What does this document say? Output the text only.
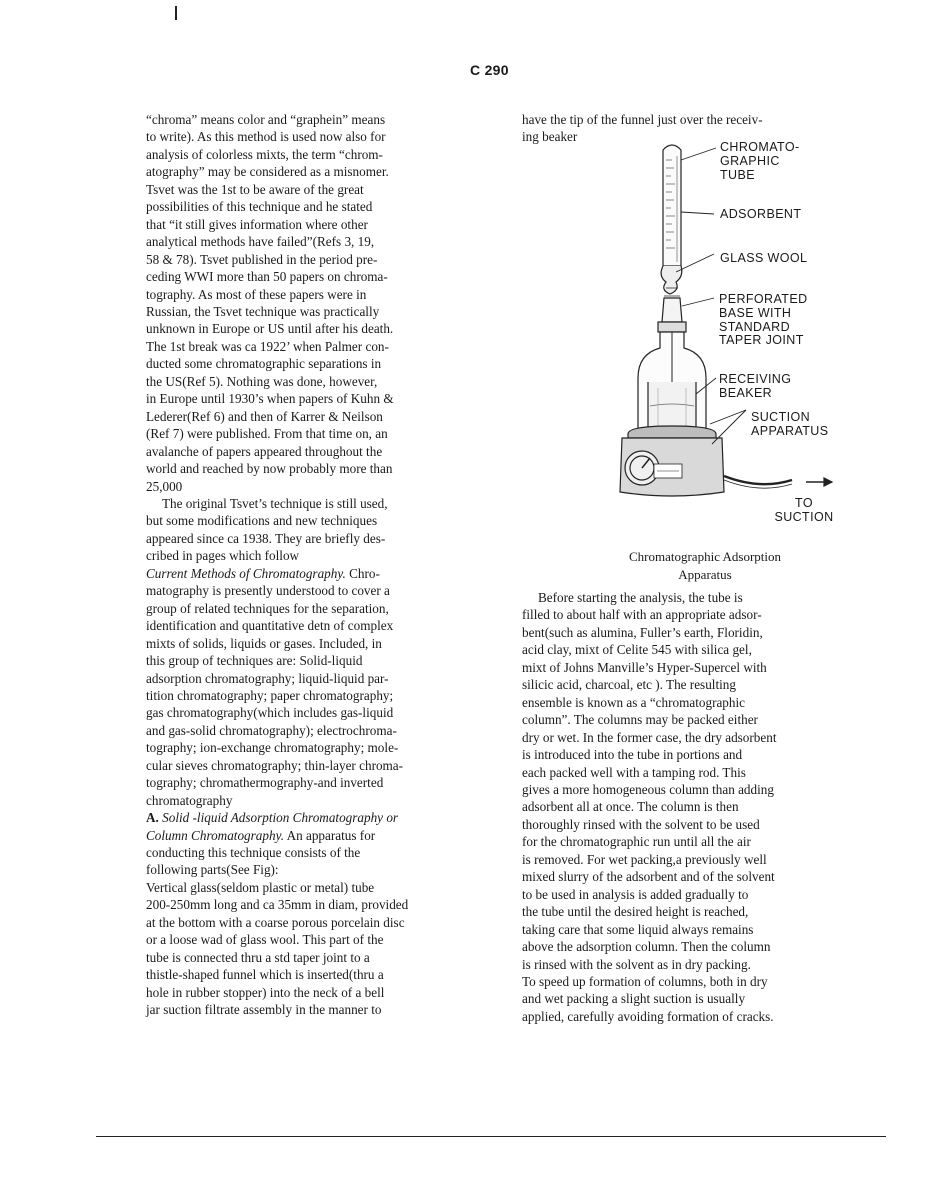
C 290
“chroma” means color and “graphein” means
to write). As this method is used now also for
analysis of colorless mixts, the term “chrom-
atography” may be considered as a misnomer.
Tsvet was the 1st to be aware of the great
possibilities of this technique and he stated
that “it still gives information where other
analytical methods have failed”(Refs 3, 19,
58 & 78). Tsvet published in the period pre-
ceding WWI more than 50 papers on chroma-
tography. As most of these papers were in
Russian, the Tsvet technique was practically
unknown in Europe or US until after his death.
The 1st break was ca 1922’ when Palmer con-
ducted some chromatographic separations in
the US(Ref 5). Nothing was done, however,
in Europe until 1930’s when papers of Kuhn &
Lederer(Ref 6) and then of Karrer & Neilson
(Ref 7) were published. From that time on, an
avalanche of papers appeared throughout the
world and reached by now probably more than
25,000
The original Tsvet’s technique is still used,
but some modifications and new techniques
appeared since ca 1938. They are briefly des-
cribed in pages which follow
Current Methods of Chromatography. Chro-
matography is presently understood to cover a
group of related techniques for the separation,
identification and quantitative detn of complex
mixts of solids, liquids or gases. Included, in
this group of techniques are: Solid-liquid
adsorption chromatography; liquid-liquid par-
tition chromatography; paper chromatography;
gas chromatography(which includes gas-liquid
and gas-solid chromatography); electrochroma-
tography; ion-exchange chromatography; mole-
cular sieves chromatography; thin-layer chroma-
tography; chromathermography-and inverted
chromatography
A. Solid -liquid Adsorption Chromatography or
Column Chromatography. An apparatus for
conducting this technique consists of the
following parts(See Fig):
Vertical glass(seldom plastic or metal) tube
200-250mm long and ca 35mm in diam, provided
at the bottom with a coarse porous porcelain disc
or a loose wad of glass wool. This part of the
tube is connected thru a std taper joint to a
thistle-shaped funnel which is inserted(thru a
hole in rubber stopper) into the neck of a bell
jar suction filtrate assembly in the manner to
have the tip of the funnel just over the receiv-
ing beaker
CHROMATO-
GRAPHIC
TUBE
ADSORBENT
GLASS WOOL
PERFORATED
BASE WITH
STANDARD
TAPER JOINT
RECEIVING
BEAKER
SUCTION
APPARATUS
TO
SUCTION
Chromatographic Adsorption
Apparatus
Before starting the analysis, the tube is
filled to about half with an appropriate adsor-
bent(such as alumina, Fuller’s earth, Floridin,
acid clay, mixt of Celite 545 with silica gel,
mixt of Johns Manville’s Hyper-Supercel with
silicic acid, charcoal, etc ). The resulting
ensemble is known as a “chromatographic
column”. The columns may be packed either
dry or wet. In the former case, the dry adsorbent
is introduced into the tube in portions and
each packed well with a tamping rod. This
gives a more homogeneous column than adding
adsorbent all at once. The column is then
thoroughly rinsed with the solvent to be used
for the chromatographic run until all the air
is removed. For wet packing,a previously well
mixed slurry of the adsorbent and of the solvent
to be used in analysis is added gradually to
the tube until the desired height is reached,
taking care that some liquid always remains
above the adsorption column. Then the column
is rinsed with the solvent as in dry packing.
To speed up formation of columns, both in dry
and wet packing a slight suction is usually
applied, carefully avoiding formation of cracks.
